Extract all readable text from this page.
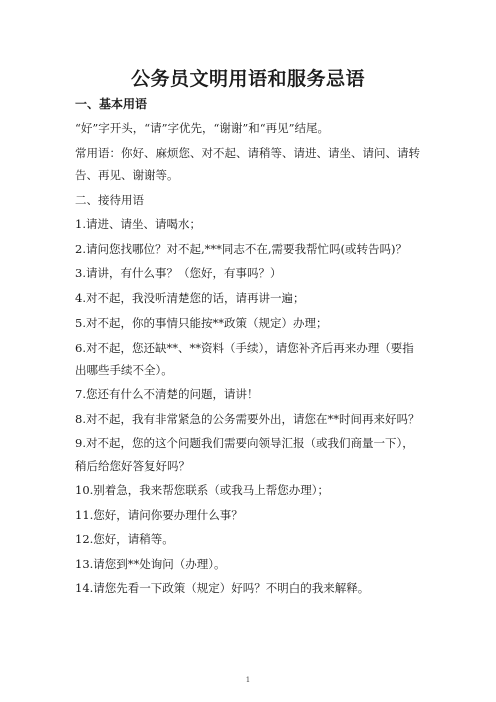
公务员文明用语和服务忌语
一、基本用语
“好”字开头，“请”字优先，“谢谢”和“再见”结尾。
常用语：你好、麻烦您、对不起、请稍等、请进、请坐、请问、请转
告、再见、谢谢等。
二、接待用语
1.请进、请坐、请喝水；
2.请问您找哪位？对不起,***同志不在,需要我帮忙吗(或转告吗)？
3.请讲，有什么事？（您好，有事吗？）
4.对不起，我没听清楚您的话，请再讲一遍；
5.对不起，你的事情只能按**政策（规定）办理；
6.对不起，您还缺**、**资料（手续），请您补齐后再来办理（要指
出哪些手续不全）。
7.您还有什么不清楚的问题，请讲！
8.对不起，我有非常紧急的公务需要外出，请您在**时间再来好吗？
9.对不起，您的这个问题我们需要向领导汇报（或我们商量一下），
稍后给您好答复好吗？
10.别着急，我来帮您联系（或我马上帮您办理）；
11.您好，请问你要办理什么事？
12.您好，请稍等。
13.请您到**处询问（办理）。
14.请您先看一下政策（规定）好吗？不明白的我来解释。
1
